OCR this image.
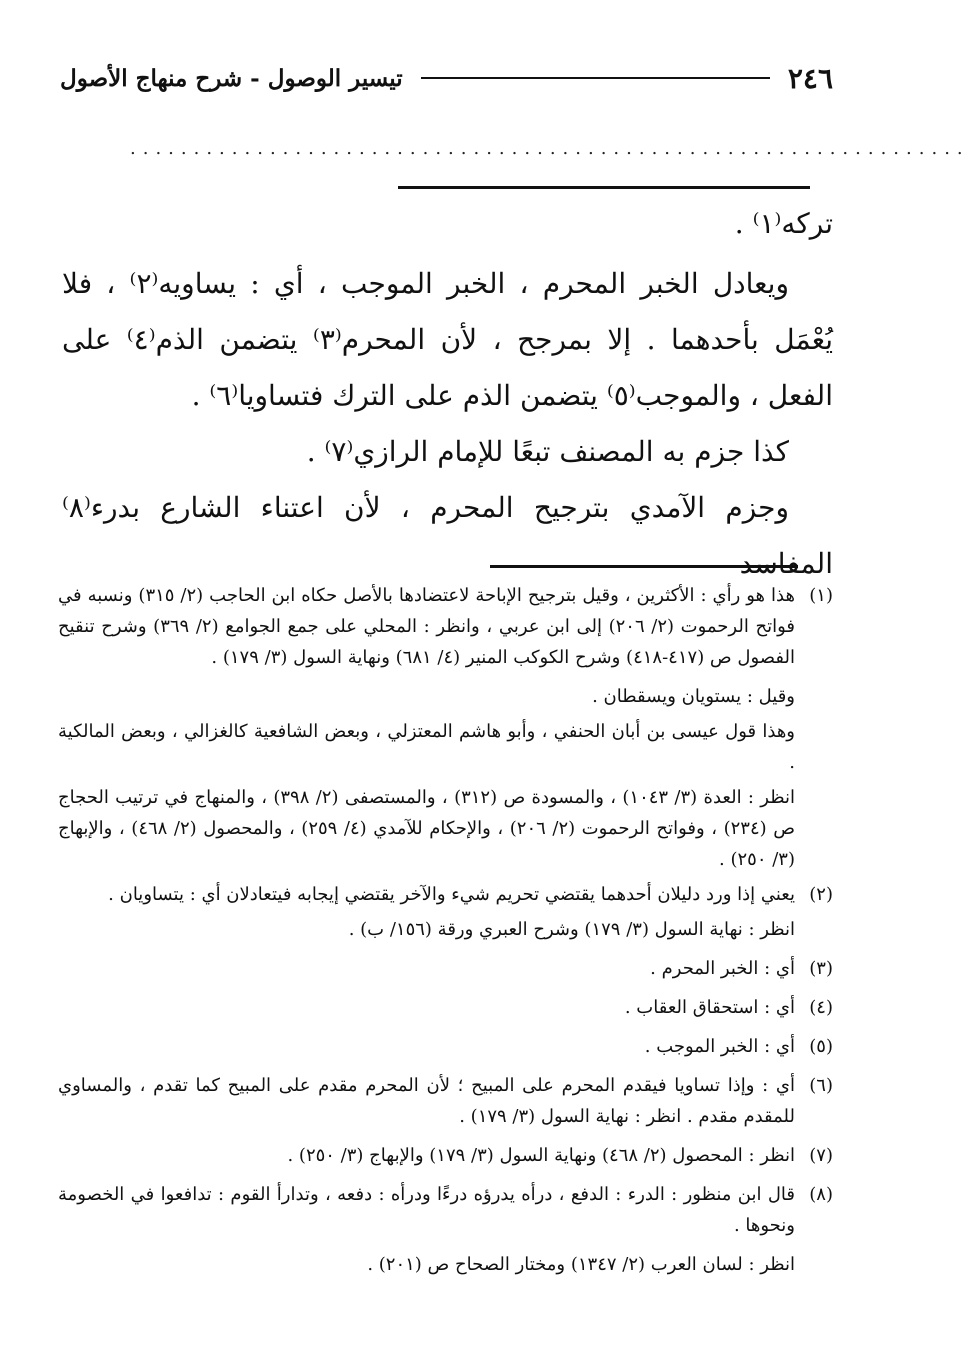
٢٤٦
تيسير الوصول - شرح منهاج الأصول
..................................................................

تركه⁽١⁾ .

ويعادل الخبر المحرم ، الخبر الموجب ، أي : يساويه⁽٢⁾ ، فلا يُعْمَل بأحدهما . إلا بمرجح ، لأن المحرم⁽٣⁾ يتضمن الذم⁽٤⁾ على الفعل ، والموجب⁽٥⁾ يتضمن الذم على الترك فتساويا⁽٦⁾ .

كذا جزم به المصنف تبعًا للإمام الرازي⁽٧⁾ .

وجزم الآمدي بترجيح المحرم ، لأن اعتناء الشارع بدرء⁽٨⁾ المفاسد

(١)

هذا هو رأي : الأكثرين ، وقيل بترجيح الإباحة لاعتضادها بالأصل حكاه ابن الحاجب (٢/ ٣١٥) ونسبه في فواتح الرحموت (٢/ ٢٠٦) إلى ابن عربي ، وانظر : المحلي على جمع الجوامع (٢/ ٣٦٩) وشرح تنقيح الفصول ص (٤١٧-٤١٨) وشرح الكوكب المنير (٤/ ٦٨١) ونهاية السول (٣/ ١٧٩) .

وقيل : يستويان ويسقطان .

وهذا قول عيسى بن أبان الحنفي ، وأبو هاشم المعتزلي ، وبعض الشافعية كالغزالي ، وبعض المالكية .

انظر : العدة (٣/ ١٠٤٣) ، والمسودة ص (٣١٢) ، والمستصفى (٢/ ٣٩٨) ، والمنهاج في ترتيب الحجاج ص (٢٣٤) ، وفواتح الرحموت (٢/ ٢٠٦) ، والإحكام للآمدي (٤/ ٢٥٩) ، والمحصول (٢/ ٤٦٨) ، والإبهاج (٣/ ٢٥٠) .

(٢)

يعني إذا ورد دليلان أحدهما يقتضي تحريم شيء والآخر يقتضي إيجابه فيتعادلان أي : يتساويان .

انظر : نهاية السول (٣/ ١٧٩) وشرح العبري ورقة (١٥٦/ ب) .

(٣)

أي : الخبر المحرم .

(٤)

أي : استحقاق العقاب .

(٥)

أي : الخبر الموجب .

(٦)

أي : وإذا تساويا فيقدم المحرم على المبيح ؛ لأن المحرم مقدم على المبيح كما تقدم ، والمساوي للمقدم مقدم . انظر : نهاية السول (٣/ ١٧٩) .

(٧)

انظر : المحصول (٢/ ٤٦٨) ونهاية السول (٣/ ١٧٩) والإبهاج (٣/ ٢٥٠) .

(٨)

قال ابن منظور : الدرء : الدفع ، درأه يدرؤه درءًا ودرأه : دفعه ، وتدارأ القوم : تدافعوا في الخصومة ونحوها .

انظر : لسان العرب (٢/ ١٣٤٧) ومختار الصحاح ص (٢٠١) .
